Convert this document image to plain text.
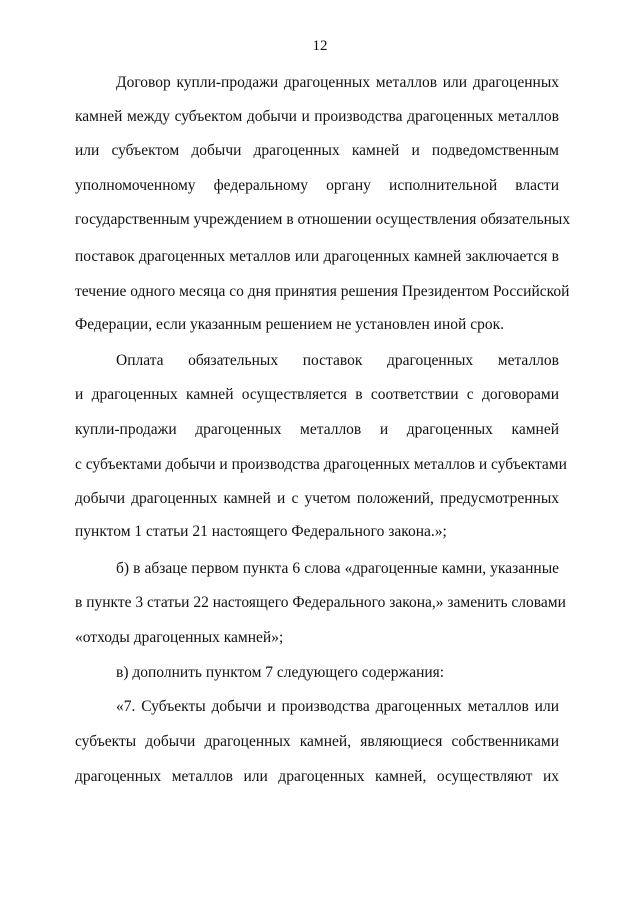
12
Договор купли-продажи драгоценных металлов или драгоценных
камней между субъектом добычи и производства драгоценных металлов
или субъектом добычи драгоценных камней и подведомственным
уполномоченному федеральному органу исполнительной власти
государственным учреждением в отношении осуществления обязательных
поставок драгоценных металлов или драгоценных камней заключается в
течение одного месяца со дня принятия решения Президентом Российской
Федерации, если указанным решением не установлен иной срок.
Оплата обязательных поставок драгоценных металлов
и драгоценных камней осуществляется в соответствии с договорами
купли-продажи драгоценных металлов и драгоценных камней
с субъектами добычи и производства драгоценных металлов и субъектами
добычи драгоценных камней и с учетом положений, предусмотренных
пунктом 1 статьи 21 настоящего Федерального закона.»;
б) в абзаце первом пункта 6 слова «драгоценные камни, указанные
в пункте 3 статьи 22 настоящего Федерального закона,» заменить словами
«отходы драгоценных камней»;
в) дополнить пунктом 7 следующего содержания:
«7. Субъекты добычи и производства драгоценных металлов или
субъекты добычи драгоценных камней, являющиеся собственниками
драгоценных металлов или драгоценных камней, осуществляют их
